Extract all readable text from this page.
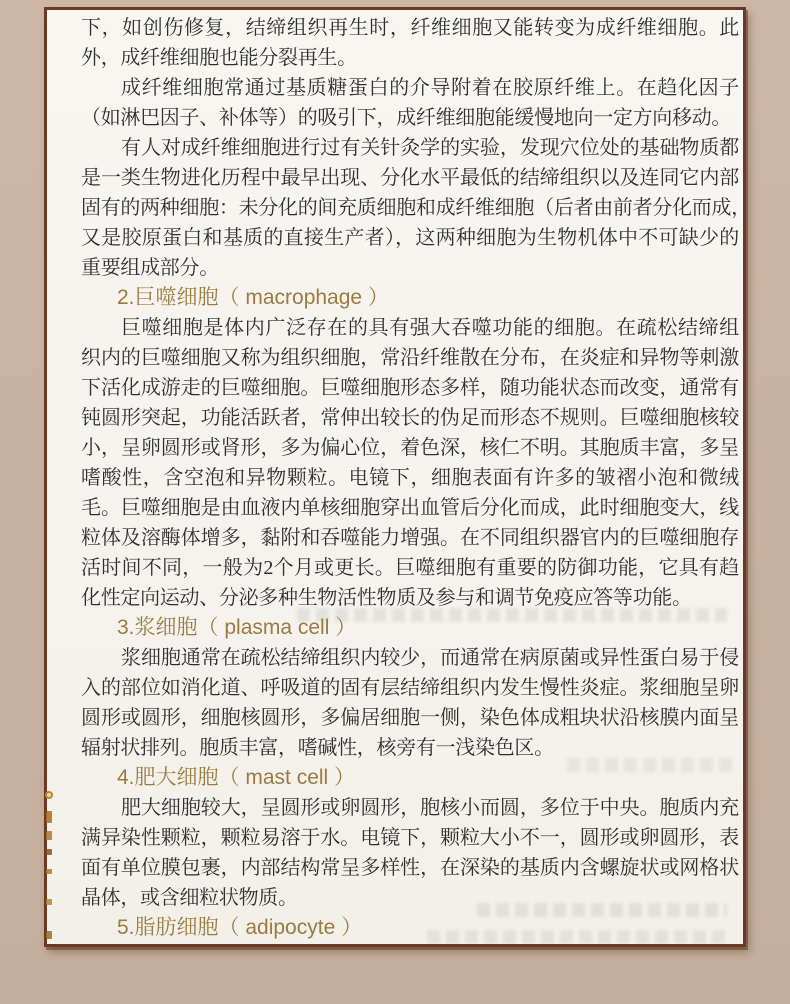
下，如创伤修复，结缔组织再生时，纤维细胞又能转变为成纤维细胞。此
外，成纤维细胞也能分裂再生。
成纤维细胞常通过基质糖蛋白的介导附着在胶原纤维上。在趋化因子
（如淋巴因子、补体等）的吸引下，成纤维细胞能缓慢地向一定方向移动。
有人对成纤维细胞进行过有关针灸学的实验，发现穴位处的基础物质都
是一类生物进化历程中最早出现、分化水平最低的结缔组织以及连同它内部
固有的两种细胞：未分化的间充质细胞和成纤维细胞（后者由前者分化而成，
又是胶原蛋白和基质的直接生产者），这两种细胞为生物机体中不可缺少的
重要组成部分。
2.巨噬细胞（ macrophage ）
巨噬细胞是体内广泛存在的具有强大吞噬功能的细胞。在疏松结缔组
织内的巨噬细胞又称为组织细胞，常沿纤维散在分布，在炎症和异物等刺激
下活化成游走的巨噬细胞。巨噬细胞形态多样，随功能状态而改变，通常有
钝圆形突起，功能活跃者，常伸出较长的伪足而形态不规则。巨噬细胞核较
小，呈卵圆形或肾形，多为偏心位，着色深，核仁不明。其胞质丰富，多呈
嗜酸性，含空泡和异物颗粒。电镜下，细胞表面有许多的皱褶小泡和微绒
毛。巨噬细胞是由血液内单核细胞穿出血管后分化而成，此时细胞变大，线
粒体及溶酶体增多，黏附和吞噬能力增强。在不同组织器官内的巨噬细胞存
活时间不同，一般为2个月或更长。巨噬细胞有重要的防御功能，它具有趋
化性定向运动、分泌多种生物活性物质及参与和调节免疫应答等功能。
3.浆细胞（ plasma cell ）
浆细胞通常在疏松结缔组织内较少，而通常在病原菌或异性蛋白易于侵
入的部位如消化道、呼吸道的固有层结缔组织内发生慢性炎症。浆细胞呈卵
圆形或圆形，细胞核圆形，多偏居细胞一侧，染色体成粗块状沿核膜内面呈
辐射状排列。胞质丰富，嗜碱性，核旁有一浅染色区。
4.肥大细胞（ mast cell ）
肥大细胞较大，呈圆形或卵圆形，胞核小而圆，多位于中央。胞质内充
满异染性颗粒，颗粒易溶于水。电镜下，颗粒大小不一，圆形或卵圆形，表
面有单位膜包裹，内部结构常呈多样性，在深染的基质内含螺旋状或网格状
晶体，或含细粒状物质。
5.脂肪细胞（ adipocyte ）
